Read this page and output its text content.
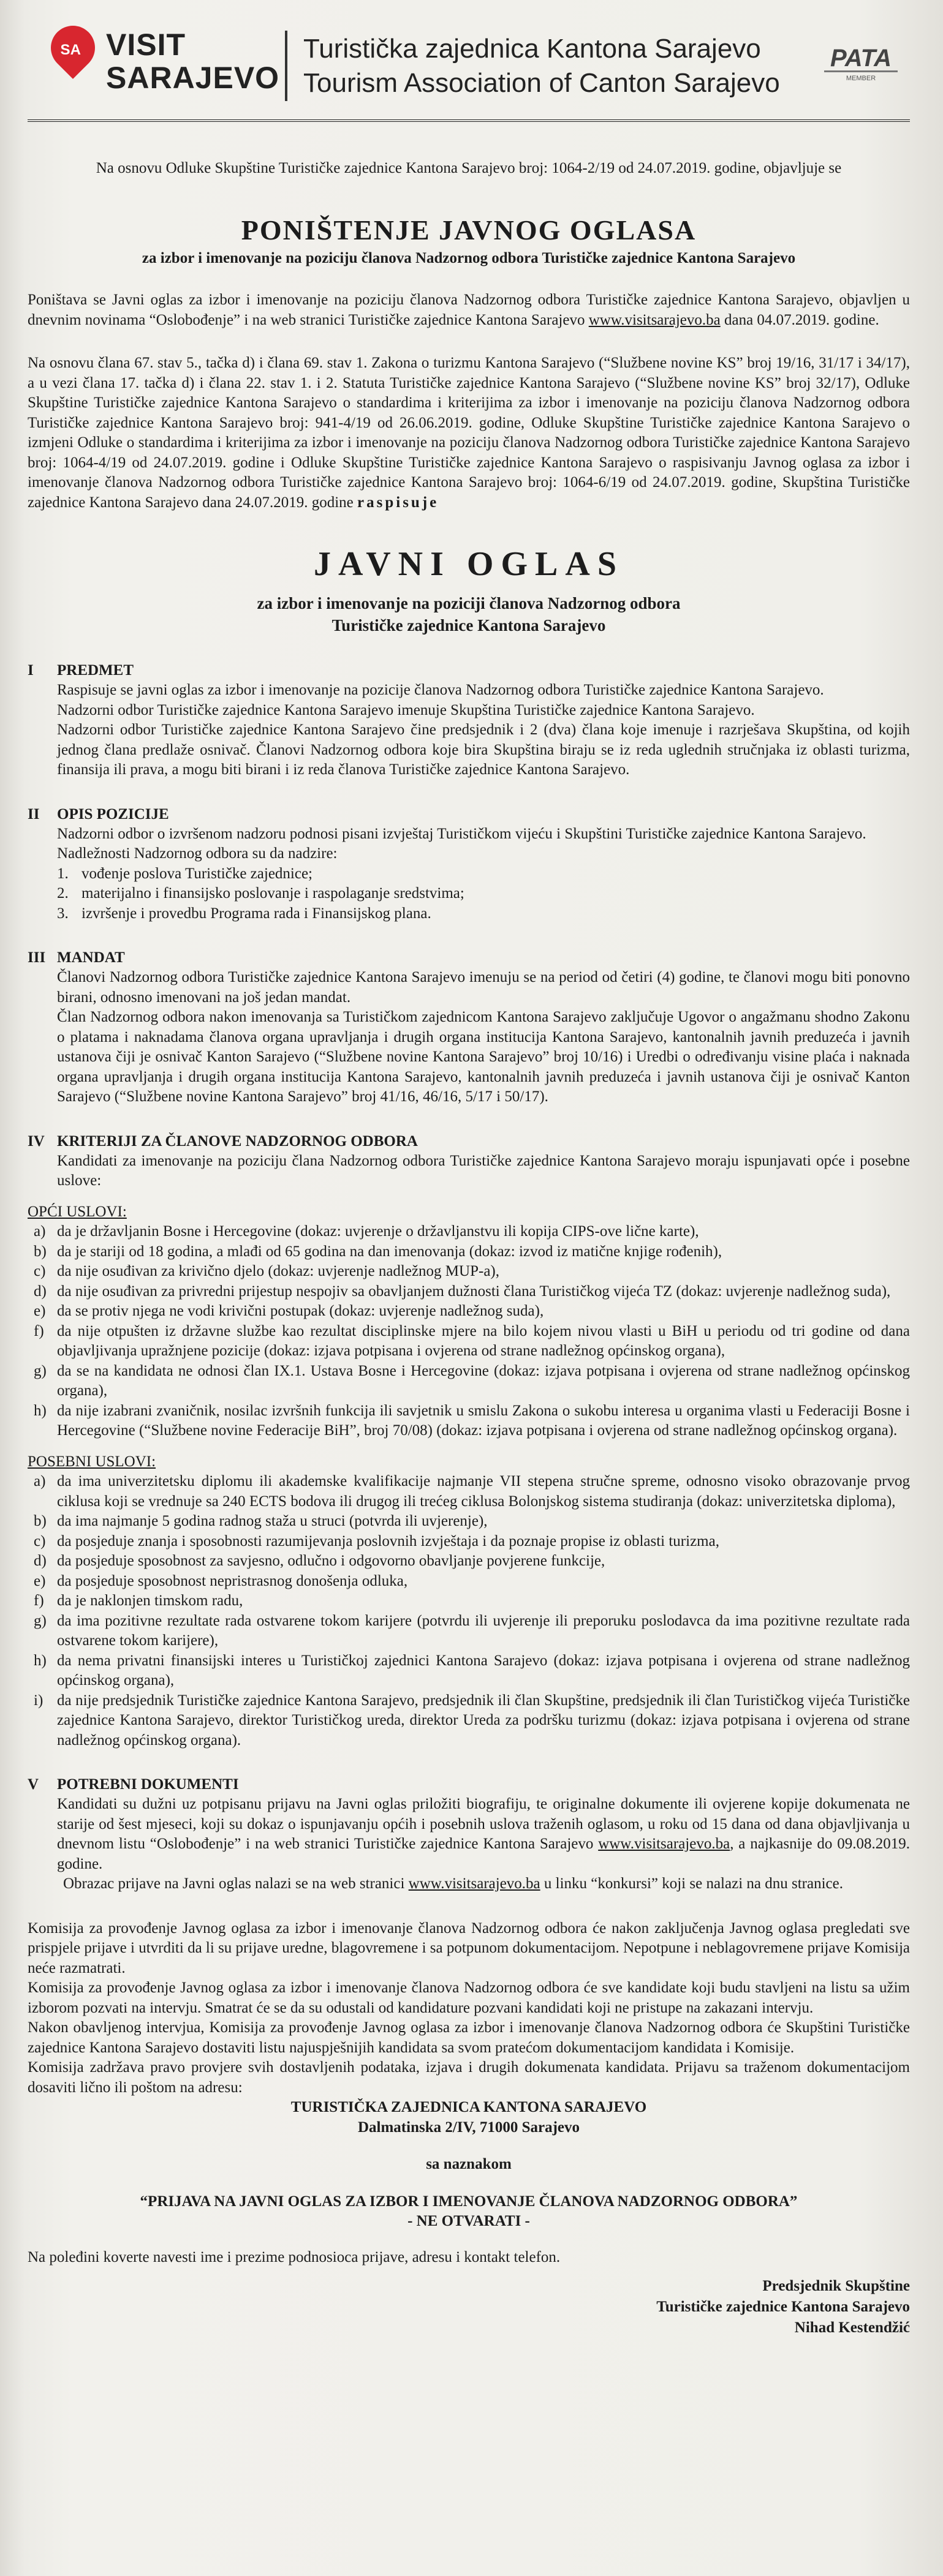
SA VISIT
SARAJEVO
Turistička zajednica Kantona Sarajevo
Tourism Association of Canton Sarajevo
PATA
MEMBER

Na osnovu Odluke Skupštine Turističke zajednice Kantona Sarajevo broj: 1064-2/19 od 24.07.2019. godine, objavljuje se

PONIŠTENJE JAVNOG OGLASA
za izbor i imenovanje na poziciju članova Nadzornog odbora Turističke zajednice Kantona Sarajevo

Poništava se Javni oglas za izbor i imenovanje na poziciju članova Nadzornog odbora Turističke zajednice Kantona Sarajevo, objavljen u dnevnim novinama “Oslobođenje” i na web stranici Turističke zajednice Kantona Sarajevo www.visitsarajevo.ba dana 04.07.2019. godine.

Na osnovu člana 67. stav 5., tačka d) i člana 69. stav 1. Zakona o turizmu Kantona Sarajevo (“Službene novine KS” broj 19/16, 31/17 i 34/17), a u vezi člana 17. tačka d) i člana 22. stav 1. i 2. Statuta Turističke zajednice Kantona Sarajevo (“Službene novine KS” broj 32/17), Odluke Skupštine Turističke zajednice Kantona Sarajevo o standardima i kriterijima za izbor i imenovanje na poziciju članova Nadzornog odbora Turističke zajednice Kantona Sarajevo broj: 941-4/19 od 26.06.2019. godine, Odluke Skupštine Turističke zajednice Kantona Sarajevo o izmjeni Odluke o standardima i kriterijima za izbor i imenovanje na poziciju članova Nadzornog odbora Turističke zajednice Kantona Sarajevo broj: 1064-4/19 od 24.07.2019. godine i Odluke Skupštine Turističke zajednice Kantona Sarajevo o raspisivanju Javnog oglasa za izbor i imenovanje članova Nadzornog odbora Turističke zajednice Kantona Sarajevo broj: 1064-6/19 od 24.07.2019. godine, Skupština Turističke zajednice Kantona Sarajevo dana 24.07.2019. godine raspisuje

JAVNI OGLAS
za izbor i imenovanje na poziciji članova Nadzornog odbora
Turističke zajednice Kantona Sarajevo
I PREDMET

Raspisuje se javni oglas za izbor i imenovanje na pozicije članova Nadzornog odbora Turističke zajednice Kantona Sarajevo.

Nadzorni odbor Turističke zajednice Kantona Sarajevo imenuje Skupština Turističke zajednice Kantona Sarajevo.

Nadzorni odbor Turističke zajednice Kantona Sarajevo čine predsjednik i 2 (dva) člana koje imenuje i razrješava Skupština, od kojih jednog člana predlaže osnivač. Članovi Nadzornog odbora koje bira Skupština biraju se iz reda uglednih stručnjaka iz oblasti turizma, finansija ili prava, a mogu biti birani i iz reda članova Turističke zajednice Kantona Sarajevo.

II OPIS POZICIJE

Nadzorni odbor o izvršenom nadzoru podnosi pisani izvještaj Turističkom vijeću i Skupštini Turističke zajednice Kantona Sarajevo.

Nadležnosti Nadzornog odbora su da nadzire:

1. vođenje poslova Turističke zajednice;
2. materijalno i finansijsko poslovanje i raspolaganje sredstvima;
3. izvršenje i provedbu Programa rada i Finansijskog plana.
III MANDAT

Članovi Nadzornog odbora Turističke zajednice Kantona Sarajevo imenuju se na period od četiri (4) godine, te članovi mogu biti ponovno birani, odnosno imenovani na još jedan mandat.

Član Nadzornog odbora nakon imenovanja sa Turističkom zajednicom Kantona Sarajevo zaključuje Ugovor o angažmanu shodno Zakonu o platama i naknadama članova organa upravljanja i drugih organa institucija Kantona Sarajevo, kantonalnih javnih preduzeća i javnih ustanova čiji je osnivač Kanton Sarajevo (“Službene novine Kantona Sarajevo” broj 10/16) i Uredbi o određivanju visine plaća i naknada organa upravljanja i drugih organa institucija Kantona Sarajevo, kantonalnih javnih preduzeća i javnih ustanova čiji je osnivač Kanton Sarajevo (“Službene novine Kantona Sarajevo” broj 41/16, 46/16, 5/17 i 50/17).

IV KRITERIJI ZA ČLANOVE NADZORNOG ODBORA

Kandidati za imenovanje na poziciju člana Nadzornog odbora Turističke zajednice Kantona Sarajevo moraju ispunjavati opće i posebne uslove:

OPĆI USLOVI:
a) da je državljanin Bosne i Hercegovine (dokaz: uvjerenje o državljanstvu ili kopija CIPS-ove lične karte),
b) da je stariji od 18 godina, a mlađi od 65 godina na dan imenovanja (dokaz: izvod iz matične knjige rođenih),
c) da nije osuđivan za krivično djelo (dokaz: uvjerenje nadležnog MUP-a),
d) da nije osuđivan za privredni prijestup nespojiv sa obavljanjem dužnosti člana Turističkog vijeća TZ (dokaz: uvjerenje nadležnog suda),
e) da se protiv njega ne vodi krivični postupak (dokaz: uvjerenje nadležnog suda),
f) da nije otpušten iz državne službe kao rezultat disciplinske mjere na bilo kojem nivou vlasti u BiH u periodu od tri godine od dana objavljivanja upražnjene pozicije (dokaz: izjava potpisana i ovjerena od strane nadležnog općinskog organa),
g) da se na kandidata ne odnosi član IX.1. Ustava Bosne i Hercegovine (dokaz: izjava potpisana i ovjerena od strane nadležnog općinskog organa),
h) da nije izabrani zvaničnik, nosilac izvršnih funkcija ili savjetnik u smislu Zakona o sukobu interesa u organima vlasti u Federaciji Bosne i Hercegovine (“Službene novine Federacije BiH”, broj 70/08) (dokaz: izjava potpisana i ovjerena od strane nadležnog općinskog organa).
POSEBNI USLOVI:
a) da ima univerzitetsku diplomu ili akademske kvalifikacije najmanje VII stepena stručne spreme, odnosno visoko obrazovanje prvog ciklusa koji se vrednuje sa 240 ECTS bodova ili drugog ili trećeg ciklusa Bolonjskog sistema studiranja (dokaz: univerzitetska diploma),
b) da ima najmanje 5 godina radnog staža u struci (potvrda ili uvjerenje),
c) da posjeduje znanja i sposobnosti razumijevanja poslovnih izvještaja i da poznaje propise iz oblasti turizma,
d) da posjeduje sposobnost za savjesno, odlučno i odgovorno obavljanje povjerene funkcije,
e) da posjeduje sposobnost nepristrasnog donošenja odluka,
f) da je naklonjen timskom radu,
g) da ima pozitivne rezultate rada ostvarene tokom karijere (potvrdu ili uvjerenje ili preporuku poslodavca da ima pozitivne rezultate rada ostvarene tokom karijere),
h) da nema privatni finansijski interes u Turističkoj zajednici Kantona Sarajevo (dokaz: izjava potpisana i ovjerena od strane nadležnog općinskog organa),
i) da nije predsjednik Turističke zajednice Kantona Sarajevo, predsjednik ili član Skupštine, predsjednik ili član Turističkog vijeća Turističke zajednice Kantona Sarajevo, direktor Turističkog ureda, direktor Ureda za podršku turizmu (dokaz: izjava potpisana i ovjerena od strane nadležnog općinskog organa).
V POTREBNI DOKUMENTI

Kandidati su dužni uz potpisanu prijavu na Javni oglas priložiti biografiju, te originalne dokumente ili ovjerene kopije dokumenata ne starije od šest mjeseci, koji su dokaz o ispunjavanju općih i posebnih uslova traženih oglasom, u roku od 15 dana od dana objavljivanja u dnevnom listu “Oslobođenje” i na web stranici Turističke zajednice Kantona Sarajevo www.visitsarajevo.ba, a najkasnije do 09.08.2019. godine.

Obrazac prijave na Javni oglas nalazi se na web stranici www.visitsarajevo.ba u linku “konkursi” koji se nalazi na dnu stranice.

Komisija za provođenje Javnog oglasa za izbor i imenovanje članova Nadzornog odbora će nakon zaključenja Javnog oglasa pregledati sve prispjele prijave i utvrditi da li su prijave uredne, blagovremene i sa potpunom dokumentacijom. Nepotpune i neblagovremene prijave Komisija neće razmatrati.

Komisija za provođenje Javnog oglasa za izbor i imenovanje članova Nadzornog odbora će sve kandidate koji budu stavljeni na listu sa užim izborom pozvati na intervju. Smatrat će se da su odustali od kandidature pozvani kandidati koji ne pristupe na zakazani intervju.

Nakon obavljenog intervjua, Komisija za provođenje Javnog oglasa za izbor i imenovanje članova Nadzornog odbora će Skupštini Turističke zajednice Kantona Sarajevo dostaviti listu najuspješnijih kandidata sa svom pratećom dokumentacijom kandidata i Komisije.

Komisija zadržava pravo provjere svih dostavljenih podataka, izjava i drugih dokumenata kandidata. Prijavu sa traženom dokumentacijom dosaviti lično ili poštom na adresu:

TURISTIČKA ZAJEDNICA KANTONA SARAJEVO

Dalmatinska 2/IV, 71000 Sarajevo

sa naznakom

“PRIJAVA NA JAVNI OGLAS ZA IZBOR I IMENOVANJE ČLANOVA NADZORNOG ODBORA”

- NE OTVARATI -

Na poleđini koverte navesti ime i prezime podnosioca prijave, adresu i kontakt telefon.

Predsjednik Skupštine
Turističke zajednice Kantona Sarajevo
Nihad Kestendžić
